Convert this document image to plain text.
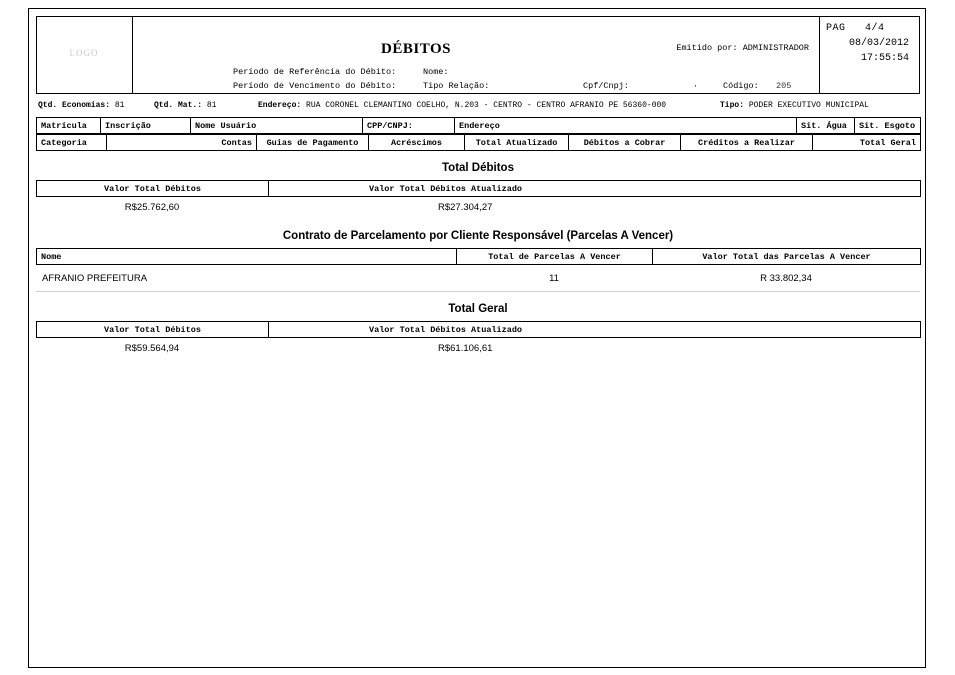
LOGO	DÉBITOS	Emitido por: ADMINISTRADOR
Período de Referência do Débito:	Nome:
Período de Vencimento do Débito:	Tipo Relação:	Cpf/Cnpj:	·	Código: 205
PAG 4/4
08/03/2012
17:55:54
Qtd. Economias: 81	Qtd. Mat.: 81	Endereço: RUA CORONEL CLEMANTINO COELHO, N.203 - CENTRO - CENTRO AFRANIO PE 56360-000	Tipo: PODER EXECUTIVO MUNICIPAL
Matrícula	Inscrição	Nome Usuário	CPP/CNPJ:	Endereço	Sit. Água	Sit. Esgoto
Categoria	Contas	Guias de Pagamento	Acréscimos	Total Atualizado	Débitos a Cobrar	Créditos a Realizar	Total Geral
Total Débitos
Valor Total Débitos	Valor Total Débitos Atualizado
R$25.762,60	R$27.304,27
Contrato de Parcelamento por Cliente Responsável (Parcelas A Vencer)
Nome	Total de Parcelas A Vencer	Valor Total das Parcelas A Vencer
AFRANIO PREFEITURA	11	R 33.802,34
Total Geral
Valor Total Débitos	Valor Total Débitos Atualizado
R$59.564,94	R$61.106,61
